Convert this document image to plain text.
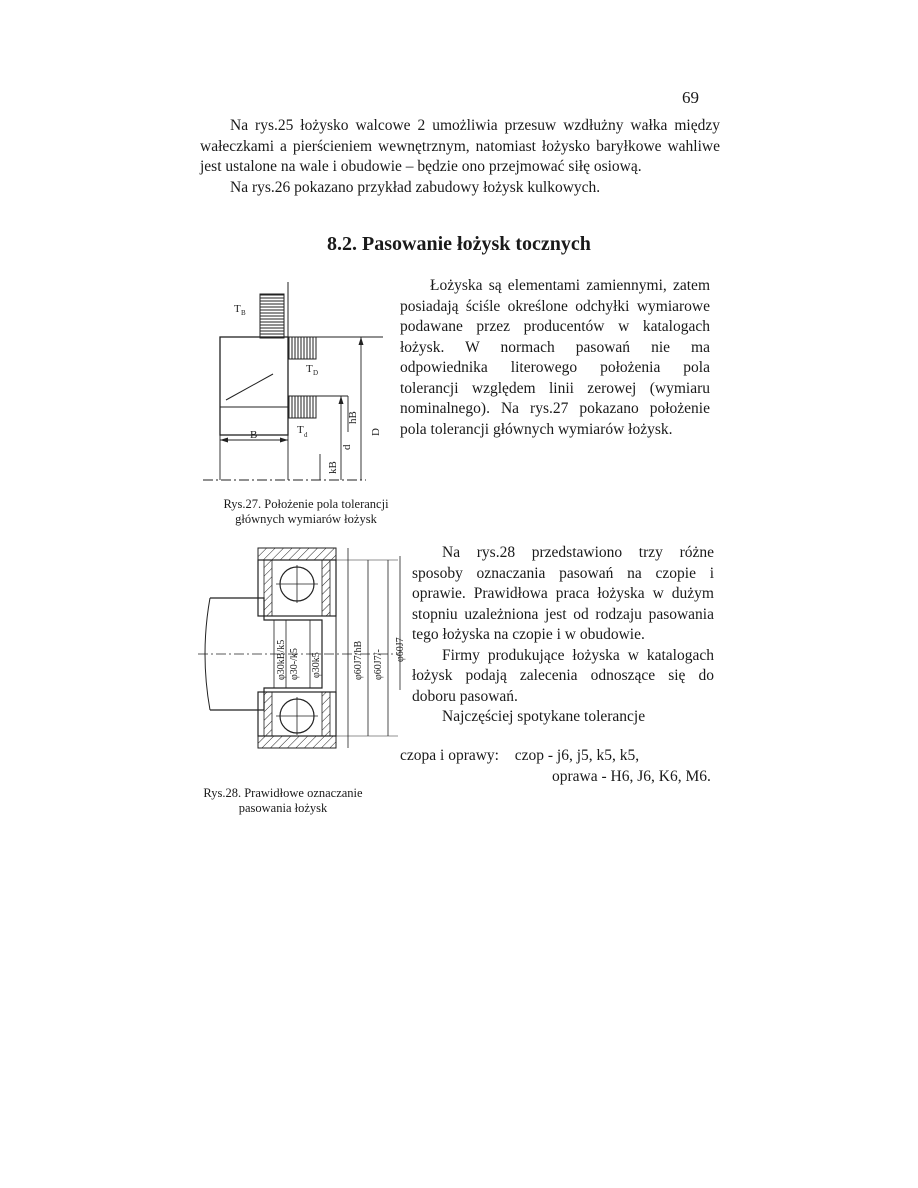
69

Na rys.25 łożysko walcowe 2 umożliwia przesuw wzdłużny wałka między wałeczkami a pierścieniem wewnętrznym, natomiast łożysko baryłkowe wahliwe jest ustalone na wale i obudowie – będzie ono przejmować siłę osiową.

Na rys.26 pokazano przykład zabudowy łożysk kulkowych.

8.2. Pasowanie łożysk tocznych
T B
T D
T d
B
hB
kB
d
D

Łożyska są elementami zamiennymi, zatem posiadają ściśle określone odchyłki wymiarowe podawane przez producentów w katalogach łożysk. W normach pasowań nie ma odpowiednika literowego położenia pola tolerancji względem linii zerowej (wymiaru nominalnego). Na rys.27 pokazano położenie pola tolerancji głównych wymiarów łożysk.

Rys.27. Położenie pola tolerancji
głównych wymiarów łożysk
φ30kB/k5 φ30-/k5 φ30k5	φ60J7/hB φ60J7/- φ60J7

Na rys.28 przedstawiono trzy różne sposoby oznaczania pasowań na czopie i oprawie. Prawidłowa praca łożyska w dużym stopniu uzależniona jest od rodzaju pasowania tego łożyska na czopie i w obudowie.

Firmy produkujące łożyska w katalogach łożysk podają zalecenia odnoszące się do doboru pasowań.

Najczęściej spotykane tolerancje

czopa i oprawy: czop - j6, j5, k5, k5,
oprawa - H6, J6, K6, M6.
Rys.28. Prawidłowe oznaczanie
pasowania łożysk
